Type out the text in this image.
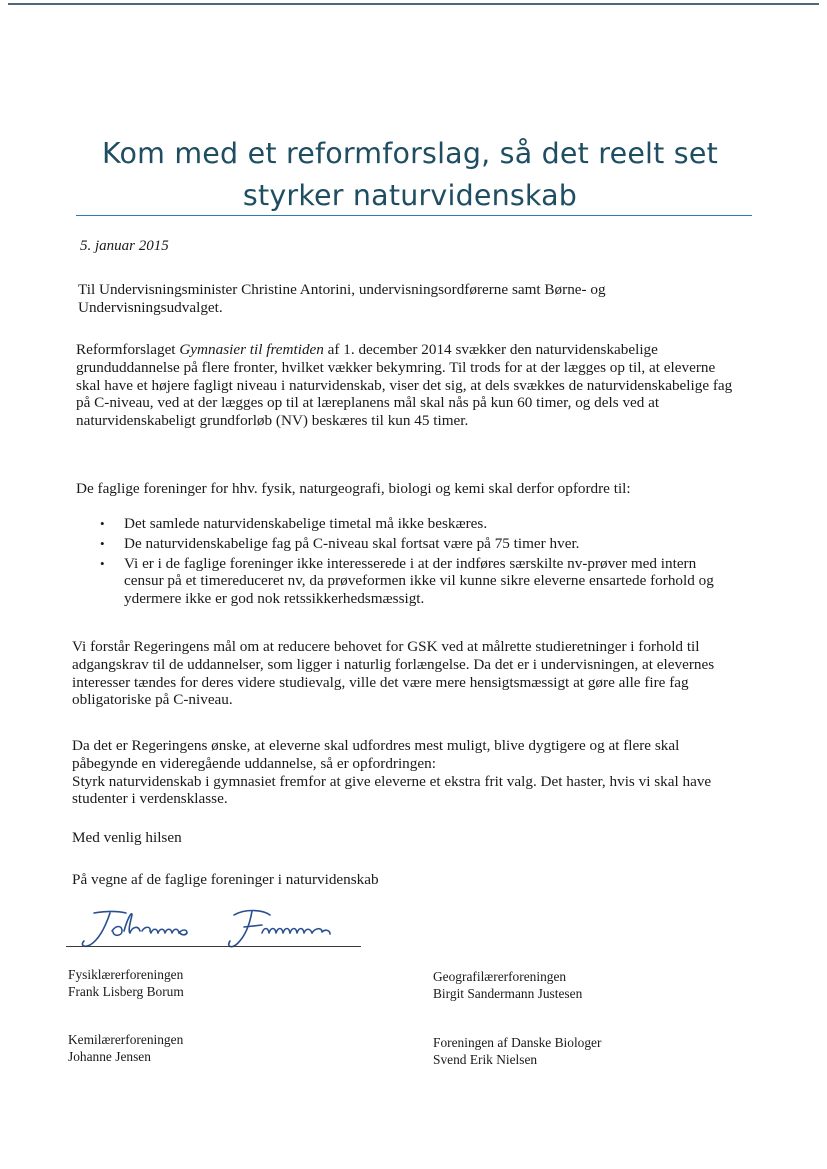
Kom med et reformforslag, så det reelt set
styrker naturvidenskab
5. januar 2015
Til Undervisningsminister Christine Antorini, undervisningsordførerne samt Børne- og Undervisningsudvalget.
Reformforslaget Gymnasier til fremtiden af 1. december 2014 svækker den naturvidenskabelige grunduddannelse på flere fronter, hvilket vækker bekymring. Til trods for at der lægges op til, at eleverne skal have et højere fagligt niveau i naturvidenskab, viser det sig, at dels svækkes de naturvidenskabelige fag på C-niveau, ved at der lægges op til at læreplanens mål skal nås på kun 60 timer, og dels ved at naturvidenskabeligt grundforløb (NV) beskæres til kun 45 timer.
De faglige foreninger for hhv. fysik, naturgeografi, biologi og kemi skal derfor opfordre til:
• Det samlede naturvidenskabelige timetal må ikke beskæres.
• De naturvidenskabelige fag på C-niveau skal fortsat være på 75 timer hver.
• Vi er i de faglige foreninger ikke interesserede i at der indføres særskilte nv-prøver med intern censur på et timereduceret nv, da prøveformen ikke vil kunne sikre eleverne ensartede forhold og ydermere ikke er god nok retssikkerhedsmæssigt.
Vi forstår Regeringens mål om at reducere behovet for GSK ved at målrette studieretninger i forhold til adgangskrav til de uddannelser, som ligger i naturlig forlængelse. Da det er i undervisningen, at elevernes interesser tændes for deres videre studievalg, ville det være mere hensigtsmæssigt at gøre alle fire fag obligatoriske på C-niveau.
Da det er Regeringens ønske, at eleverne skal udfordres mest muligt, blive dygtigere og at flere skal påbegynde en videregående uddannelse, så er opfordringen:
Styrk naturvidenskab i gymnasiet fremfor at give eleverne et ekstra frit valg. Det haster, hvis vi skal have studenter i verdensklasse.
Med venlig hilsen
På vegne af de faglige foreninger i naturvidenskab
Fysiklærerforeningen
Frank Lisberg Borum
Geografilærerforeningen
Birgit Sandermann Justesen
Kemilærerforeningen
Johanne Jensen
Foreningen af Danske Biologer
Svend Erik Nielsen
